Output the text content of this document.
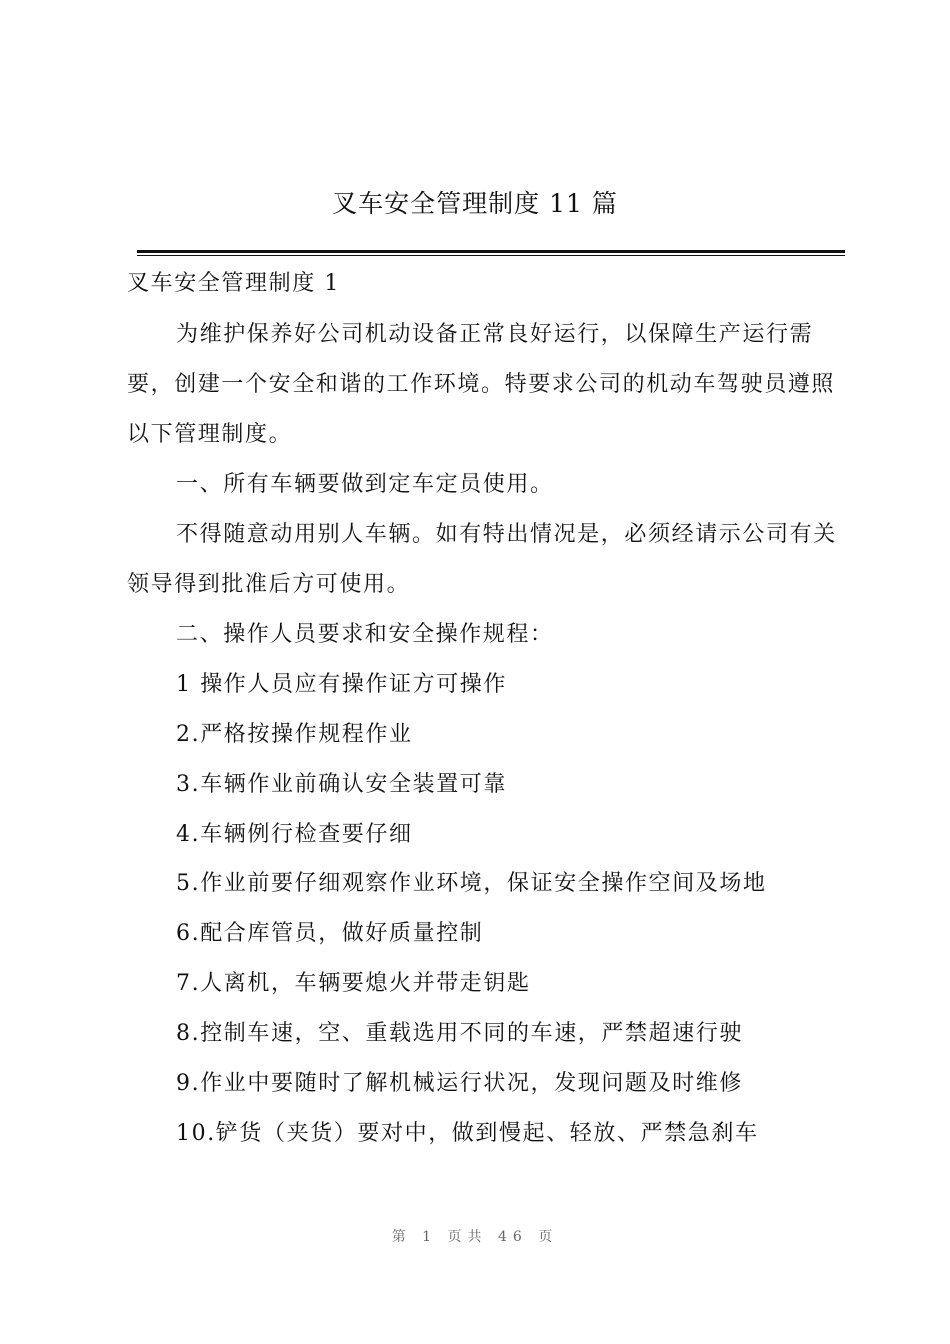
叉车安全管理制度 11 篇
叉车安全管理制度 1
为维护保养好公司机动设备正常良好运行，以保障生产运行需
要，创建一个安全和谐的工作环境。特要求公司的机动车驾驶员遵照
以下管理制度。
一、所有车辆要做到定车定员使用。
不得随意动用别人车辆。如有特出情况是，必须经请示公司有关
领导得到批准后方可使用。
二、操作人员要求和安全操作规程：
1 操作人员应有操作证方可操作
2.严格按操作规程作业
3.车辆作业前确认安全装置可靠
4.车辆例行检查要仔细
5.作业前要仔细观察作业环境，保证安全操作空间及场地
6.配合库管员，做好质量控制
7.人离机，车辆要熄火并带走钥匙
8.控制车速，空、重载选用不同的车速，严禁超速行驶
9.作业中要随时了解机械运行状况，发现问题及时维修
10.铲货（夹货）要对中，做到慢起、轻放、严禁急刹车
第 1 页共 46 页
